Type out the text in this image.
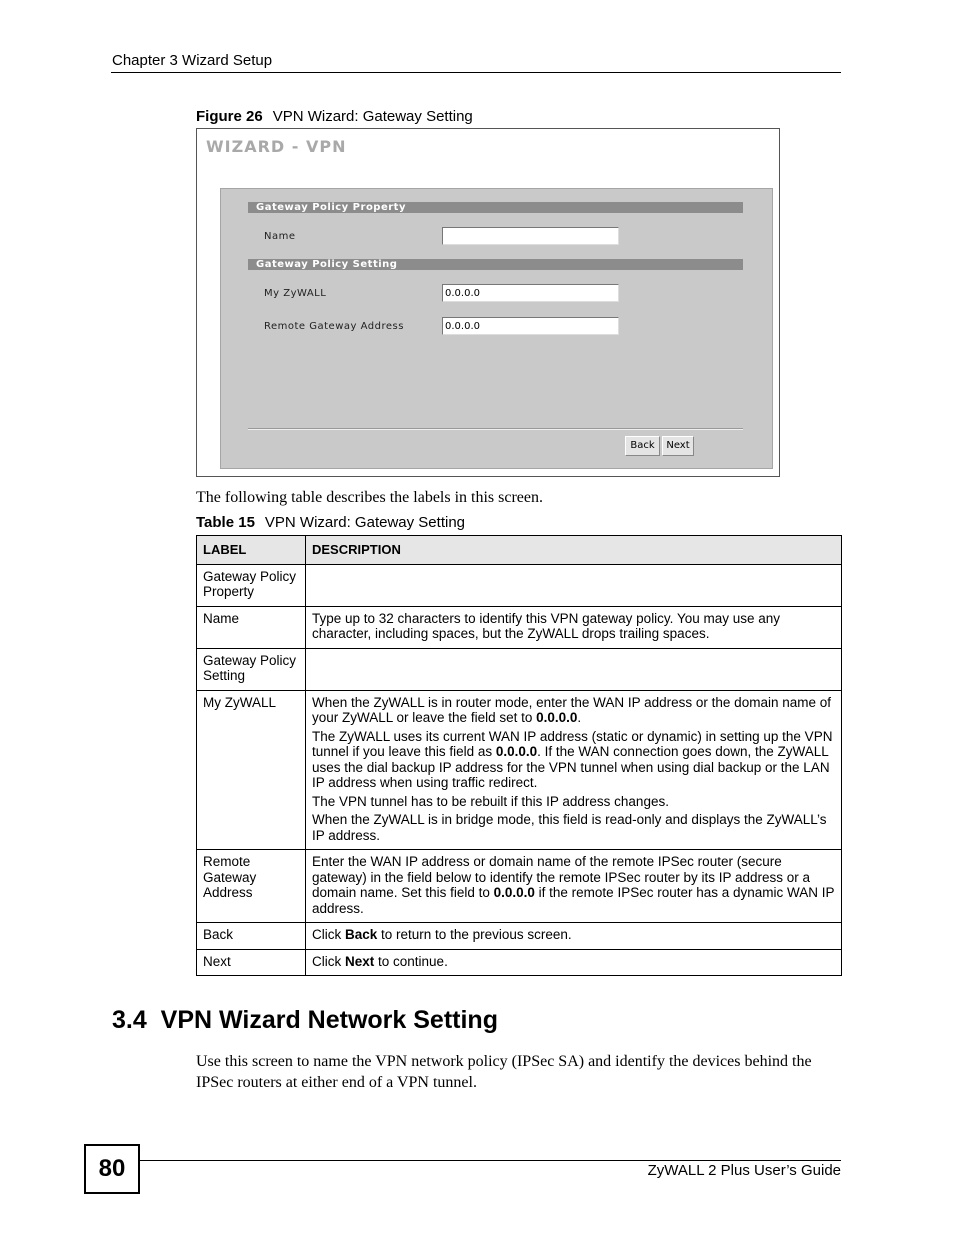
Chapter 3 Wizard Setup
Figure 26 VPN Wizard: Gateway Setting
WIZARD - VPN
Gateway Policy Property
Name
Gateway Policy Setting
My ZyWALL
0.0.0.0
Remote Gateway Address
0.0.0.0
Back	Next
The following table describes the labels in this screen.
Table 15 VPN Wizard: Gateway Setting
LABEL	DESCRIPTION
Gateway Policy Property	
Name	Type up to 32 characters to identify this VPN gateway policy. You may use any character, including spaces, but the ZyWALL drops trailing spaces.

Gateway Policy Setting	
My ZyWALL	When the ZyWALL is in router mode, enter the WAN IP address or the domain name of your ZyWALL or leave the field set to 0.0.0.0.

The ZyWALL uses its current WAN IP address (static or dynamic) in setting up the VPN tunnel if you leave this field as 0.0.0.0. If the WAN connection goes down, the ZyWALL uses the dial backup IP address for the VPN tunnel when using dial backup or the LAN IP address when using traffic redirect.

The VPN tunnel has to be rebuilt if this IP address changes.

When the ZyWALL is in bridge mode, this field is read-only and displays the ZyWALL’s IP address.

Remote Gateway Address	Enter the WAN IP address or domain name of the remote IPSec router (secure gateway) in the field below to identify the remote IPSec router by its IP address or a domain name. Set this field to 0.0.0.0 if the remote IPSec router has a dynamic WAN IP address.

Back	Click Back to return to the previous screen.

Next	Click Next to continue.

3.4  VPN Wizard Network Setting
Use this screen to name the VPN network policy (IPSec SA) and identify the devices behind the IPSec routers at either end of a VPN tunnel.
80	ZyWALL 2 Plus User’s Guide
